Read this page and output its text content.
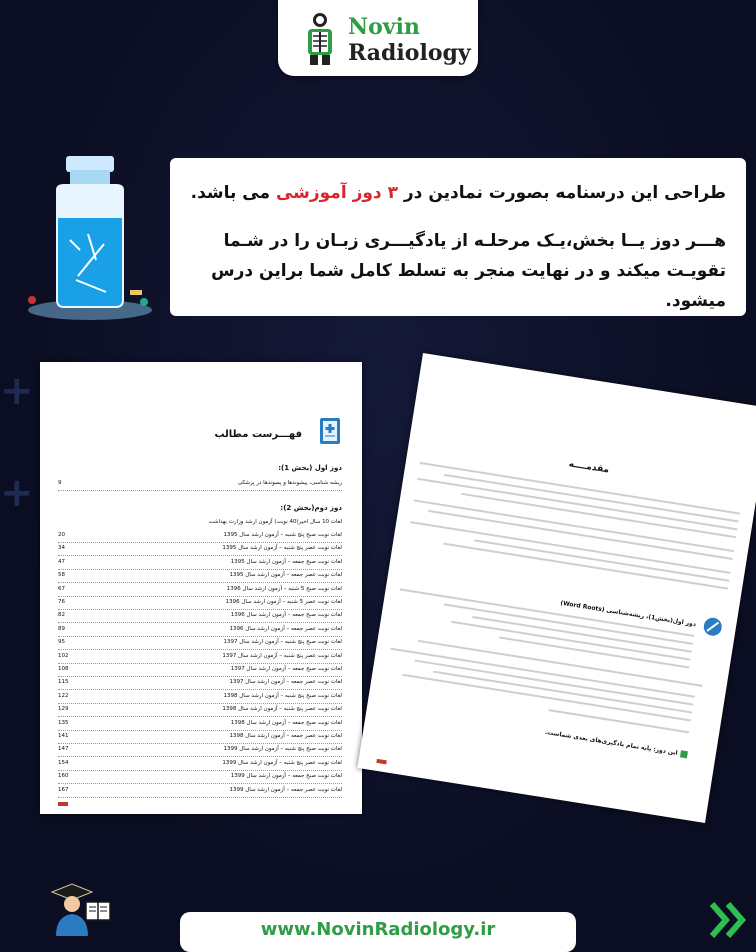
+
+
Novin
Radiology

طراحی این درسنامه بصورت نمادین در ۳ دوز آموزشی می باشد.

هـــر دوز یــا بخش،یـک مرحلـه از یادگیـــری زبـان را در شـما تقویـت میکند و در نهایت منجر به تسلط کامل شما براین درس میشود.

فهـــرست مطالب
دوز اول (بخش 1):
ریشه شناسی، پیشوندها و پسوندها در پزشکی
9
دوز دوم(بخش 2):
لغات 10 سال اخیر(40 نوبت) آزمون ارشد وزارت بهداشت
لغات نوبت صبح پنج شنبه – آزمون ارشد سال 1395
20
لغات نوبت عصر پنج شنبه – آزمون ارشد سال 1395
34
لغات نوبت صبح جمعه – آزمون ارشد سال 1395
47
لغات نوبت عصر جمعه – آزمون ارشد سال 1395
58
لغات نوبت صبح 5 شنبه – آزمون ارشد سال 1396
67
لغات نوبت عصر 5 شنبه – آزمون ارشد سال 1396
76
لغات نوبت صبح جمعه – آزمون ارشد سال 1396
82
لغات نوبت عصر جمعه – آزمون ارشد سال 1396
89
لغات نوبت صبح پنج شنبه – آزمون ارشد سال 1397
95
لغات نوبت عصر پنج شنبه – آزمون ارشد سال 1397
102
لغات نوبت صبح جمعه – آزمون ارشد سال 1397
108
لغات نوبت عصر جمعه – آزمون ارشد سال 1397
115
لغات نوبت صبح پنج شنبه – آزمون ارشد سال 1398
122
لغات نوبت عصر پنج شنبه – آزمون ارشد سال 1398
129
لغات نوبت صبح جمعه – آزمون ارشد سال 1398
135
لغات نوبت عصر جمعه – آزمون ارشد سال 1398
141
لغات نوبت صبح پنج شنبه – آزمون ارشد سال 1399
147
لغات نوبت عصر پنج شنبه – آزمون ارشد سال 1399
154
لغات نوبت صبح جمعه – آزمون ارشد سال 1399
160
لغات نوبت عصر جمعه – آزمون ارشد سال 1399
167
مقدمــــه
دوز اول(بخش1)، ریشه‌شناسی (Word Roots)
این دوز: پایه تمام یادگیری‌های بعدی شماست.
www.NovinRadiology.ir
